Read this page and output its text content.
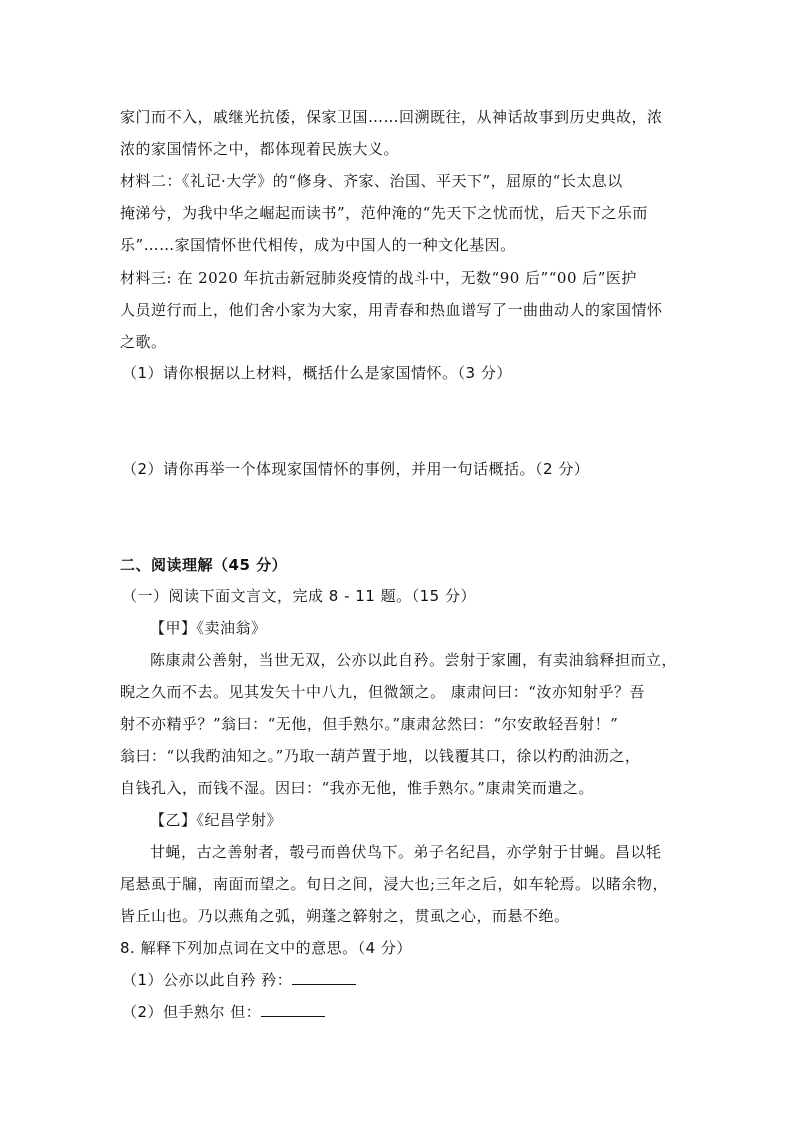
家门而不入，戚继光抗倭，保家卫国……回溯既往，从神话故事到历史典故，浓
浓的家国情怀之中，都体现着民族大义。
材料二：《礼记·大学》的“修身、齐家、治国、平天下”，屈原的“长太息以
掩涕兮，为我中华之崛起而读书”，范仲淹的“先天下之忧而忧，后天下之乐而
乐”……家国情怀世代相传，成为中国人的一种文化基因。
材料三: 在 2020 年抗击新冠肺炎疫情的战斗中，无数“90 后”“00 后”医护
人员逆行而上，他们舍小家为大家，用青春和热血谱写了一曲曲动人的家国情怀
之歌。
（1）请你根据以上材料，概括什么是家国情怀。（3 分）
（2）请你再举一个体现家国情怀的事例，并用一句话概括。（2 分）
二、阅读理解（45 分）
（一）阅读下面文言文，完成 8 - 11 题。（15 分）
【甲】《卖油翁》
陈康肃公善射，当世无双，公亦以此自矜。尝射于家圃，有卖油翁释担而立，
睨之久而不去。见其发矢十中八九，但微颔之。 康肃问曰：“汝亦知射乎？吾
射不亦精乎？”翁曰：“无他，但手熟尔。”康肃忿然曰：“尔安敢轻吾射！”
翁曰：“以我酌油知之。”乃取一葫芦置于地，以钱覆其口，徐以杓酌油沥之，
自钱孔入，而钱不湿。因曰：“我亦无他，惟手熟尔。”康肃笑而遣之。
【乙】《纪昌学射》
甘蝇，古之善射者，彀弓而兽伏鸟下。弟子名纪昌，亦学射于甘蝇。昌以牦
尾悬虱于牖，南面而望之。旬日之间，浸大也;三年之后，如车轮焉。以睹余物，
皆丘山也。乃以燕角之弧，朔蓬之簳射之，贯虱之心，而悬不绝。
8. 解释下列加点词在文中的意思。（4 分）
（1）公亦以此自矜 矜：
（2）但手熟尔 但：
